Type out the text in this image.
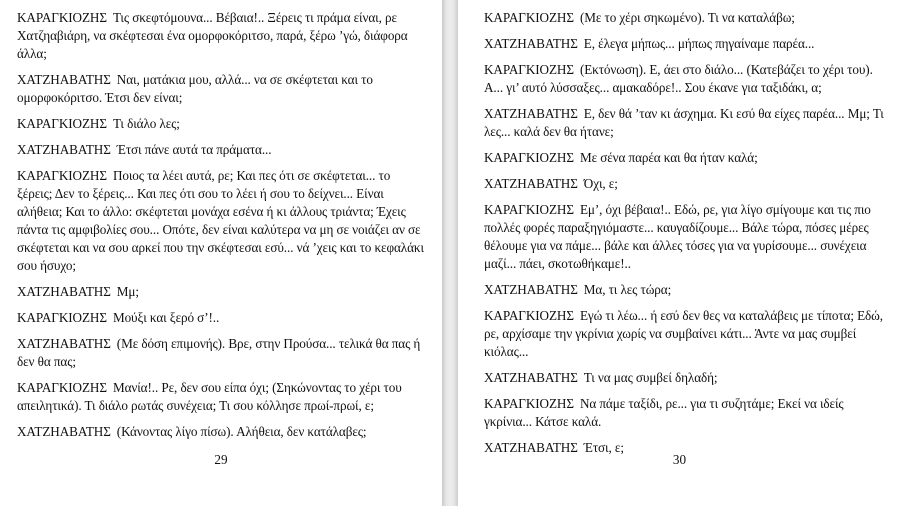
ΚΑΡΑΓΚΙΟΖΗΣ Τις σκεφτόμουνα... Βέβαια!.. Ξέρεις τι πράμα είναι, ρε Χατζηαβιάρη, να σκέφτεσαι ένα ομορφοκόριτσο, παρά, ξέρω ’γώ, διάφορα άλλα;

ΧΑΤΖΗΑΒΑΤΗΣ Ναι, ματάκια μου, αλλά... να σε σκέφτεται και το ομορφοκόριτσο. Έτσι δεν είναι;

ΚΑΡΑΓΚΙΟΖΗΣ Τι διάλο λες;

ΧΑΤΖΗΑΒΑΤΗΣ Έτσι πάνε αυτά τα πράματα...

ΚΑΡΑΓΚΙΟΖΗΣ Ποιος τα λέει αυτά, ρε; Και πες ότι σε σκέφτεται... το ξέρεις; Δεν το ξέρεις... Και πες ότι σου το λέει ή σου το δείχνει... Είναι αλήθεια; Και το άλλο: σκέφτεται μονάχα εσένα ή κι άλλους τριάντα; Έχεις πάντα τις αμφιβολίες σου... Οπότε, δεν είναι καλύτερα να μη σε νοιάζει αν σε σκέφτεται και να σου αρκεί που την σκέφτεσαι εσύ... νά ’χεις και το κεφαλάκι σου ήσυχο;

ΧΑΤΖΗΑΒΑΤΗΣ Μμ;

ΚΑΡΑΓΚΙΟΖΗΣ Μούξι και ξερό σ’!..

ΧΑΤΖΗΑΒΑΤΗΣ (Με δόση επιμονής). Βρε, στην Προύσα... τελικά θα πας ή δεν θα πας;

ΚΑΡΑΓΚΙΟΖΗΣ Μανία!.. Ρε, δεν σου είπα όχι; (Σηκώνοντας το χέρι του απειλητικά). Τι διάλο ρωτάς συνέχεια; Τι σου κόλλησε πρωί-πρωί, ε;

ΧΑΤΖΗΑΒΑΤΗΣ (Κάνοντας λίγο πίσω). Αλήθεια, δεν κατάλαβες;

29

ΚΑΡΑΓΚΙΟΖΗΣ (Με το χέρι σηκωμένο). Τι να καταλάβω;

ΧΑΤΖΗΑΒΑΤΗΣ Ε, έλεγα μήπως... μήπως πηγαίναμε παρέα...

ΚΑΡΑΓΚΙΟΖΗΣ (Εκτόνωση). Ε, άει στο διάλο... (Κατεβάζει το χέρι του). Α... γι’ αυτό λύσσαξες... αμακαδόρε!.. Σου έκανε για ταξιδάκι, α;

ΧΑΤΖΗΑΒΑΤΗΣ Ε, δεν θά ’ταν κι άσχημα. Κι εσύ θα είχες παρέα... Μμ; Τι λες... καλά δεν θα ήτανε;

ΚΑΡΑΓΚΙΟΖΗΣ Με σένα παρέα και θα ήταν καλά;

ΧΑΤΖΗΑΒΑΤΗΣ Όχι, ε;

ΚΑΡΑΓΚΙΟΖΗΣ Εμ’, όχι βέβαια!.. Εδώ, ρε, για λίγο σμίγουμε και τις πιο πολλές φορές παραξηγιόμαστε... καυγαδίζουμε... Βάλε τώρα, πόσες μέρες θέλουμε για να πάμε... βάλε και άλλες τόσες για να γυρίσουμε... συνέχεια μαζί... πάει, σκοτωθήκαμε!..

ΧΑΤΖΗΑΒΑΤΗΣ Μα, τι λες τώρα;

ΚΑΡΑΓΚΙΟΖΗΣ Εγώ τι λέω... ή εσύ δεν θες να καταλάβεις με τίποτα; Εδώ, ρε, αρχίσαμε την γκρίνια χωρίς να συμβαίνει κάτι... Άντε να μας συμβεί κιόλας...

ΧΑΤΖΗΑΒΑΤΗΣ Τι να μας συμβεί δηλαδή;

ΚΑΡΑΓΚΙΟΖΗΣ Να πάμε ταξίδι, ρε... για τι συζητάμε; Εκεί να ιδείς γκρίνια... Κάτσε καλά.

ΧΑΤΖΗΑΒΑΤΗΣ Έτσι, ε;

30
